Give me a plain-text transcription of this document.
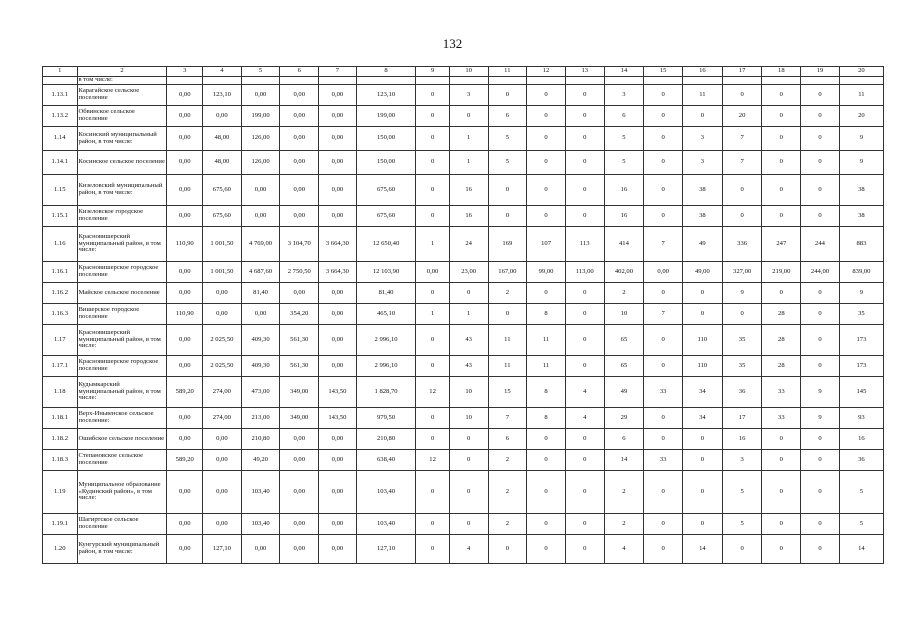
132
1	2	3	4	5	6	7	8	9	10	11	12	13	14	15	16	17	18	19	20
	в том числе:																		
1.13.1	Карагайское сельское поселение	0,00	123,10	0,00	0,00	0,00	123,10	0	3	0	0	0	3	0	11	0	0	0	11
1.13.2	Обвинское сельское поселение	0,00	0,00	199,00	0,00	0,00	199,00	0	0	6	0	0	6	0	0	20	0	0	20
1.14	Косинский муниципальный район, в том числе:	0,00	48,00	126,00	0,00	0,00	150,00	0	1	5	0	0	5	0	3	7	0	0	9
1.14.1	Косинское сельское поселение	0,00	48,00	126,00	0,00	0,00	150,00	0	1	5	0	0	5	0	3	7	0	0	9
1.15	Кизеловский муниципальный район, в том числе:	0,00	675,60	0,00	0,00	0,00	675,60	0	16	0	0	0	16	0	38	0	0	0	38
1.15.1	Кизеловское городское поселение	0,00	675,60	0,00	0,00	0,00	675,60	0	16	0	0	0	16	0	38	0	0	0	38
1.16	Красновишерский муниципальный район, в том числе:	110,90	1 001,50	4 769,00	3 104,70	3 664,30	12 650,40	1	24	169	107	113	414	7	49	336	247	244	883
1.16.1	Красновишерское городское поселение	0,00	1 001,50	4 687,60	2 750,50	3 664,30	12 103,90	0,00	23,00	167,00	99,00	113,00	402,00	0,00	49,00	327,00	219,00	244,00	839,00
1.16.2	Майское сельское поселение	0,00	0,00	81,40	0,00	0,00	81,40	0	0	2	0	0	2	0	0	9	0	0	9
1.16.3	Вишерское городское поселение	110,90	0,00	0,00	354,20	0,00	465,10	1	1	0	8	0	10	7	0	0	28	0	35
1.17	Красновишерский муниципальный район, в том числе:	0,00	2 025,50	409,30	561,30	0,00	2 996,10	0	43	11	11	0	65	0	110	35	28	0	173
1.17.1	Красновишерское городское поселение	0,00	2 025,50	409,30	561,30	0,00	2 996,10	0	43	11	11	0	65	0	110	35	28	0	173
1.18	Кудымкарский муниципальный район, в том числе:	589,20	274,00	473,00	349,00	143,50	1 828,70	12	10	15	8	4	49	33	34	36	33	9	145
1.18.1	Верх-Иньвенское сельское поселение:	0,00	274,00	213,00	349,00	143,50	979,50	0	10	7	8	4	29	0	34	17	33	9	93
1.18.2	Ошибское сельское поселение	0,00	0,00	210,80	0,00	0,00	210,80	0	0	6	0	0	6	0	0	16	0	0	16
1.18.3	Степановское сельское поселение	589,20	0,00	49,20	0,00	0,00	638,40	12	0	2	0	0	14	33	0	3	0	0	36
1.19	Муниципальное образование «Кудинский район», в том числе:	0,00	0,00	103,40	0,00	0,00	103,40	0	0	2	0	0	2	0	0	5	0	0	5
1.19.1	Шагиртское сельское поселение	0,00	0,00	103,40	0,00	0,00	103,40	0	0	2	0	0	2	0	0	5	0	0	5
1.20	Кунгурский муниципальный район, в том числе:	0,00	127,10	0,00	0,00	0,00	127,10	0	4	0	0	0	4	0	14	0	0	0	14
